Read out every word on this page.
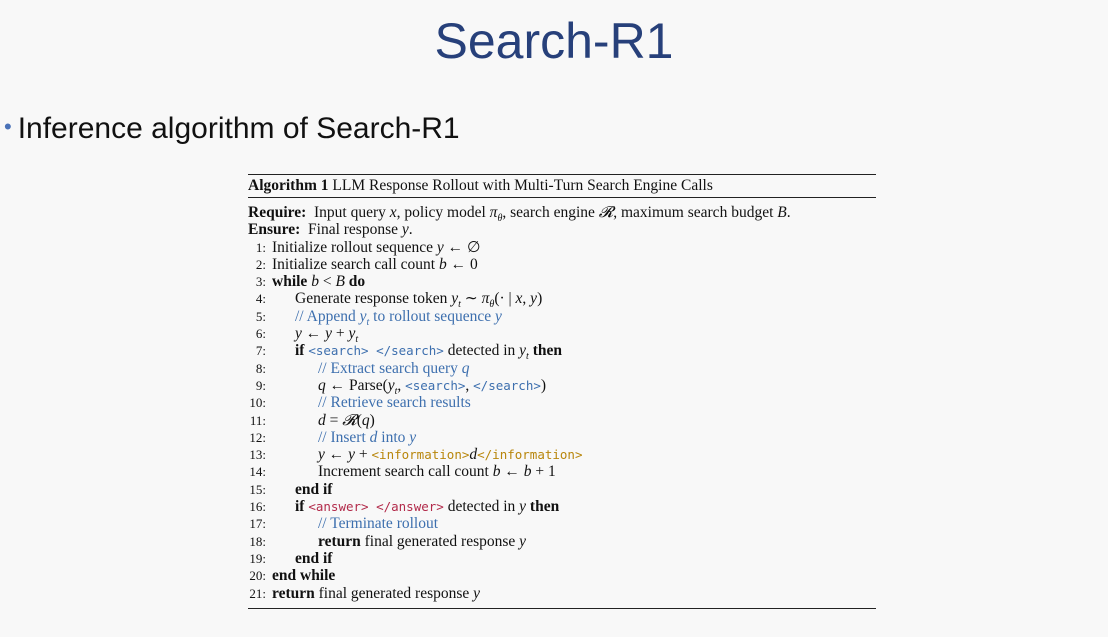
Search-R1
• Inference algorithm of Search-R1
Algorithm 1 LLM Response Rollout with Multi-Turn Search Engine Calls
Require: Input query x, policy model $\pi_\theta$, search engine 𝓡, maximum search budget B.
Ensure: Final response y.
1: Initialize rollout sequence y ← ∅
2: Initialize search call count b ← 0
3: while b < B do
4: Generate response token $y_t$ ∼ $\pi_\theta(\cdot$ | x, y)
5: // Append $y_t$ to rollout sequence y
6: y ← $y + y_t$
7: if <search> </search> detected in $y_t$ then
8:	// Extract search query q
9:	q ← $Parse(y_t$, <search>, </search>)
10:	// Retrieve search results
11:	d = 𝓡(q)
12:	// Insert d into y
13:	y ← y + <information>d</information>
14:	Increment search call count b ← b + 1
15: end if
16: if <answer> </answer> detected in y then
17:	// Terminate rollout
18:	return final generated response y
19: end if
20: end while
21: return final generated response y
